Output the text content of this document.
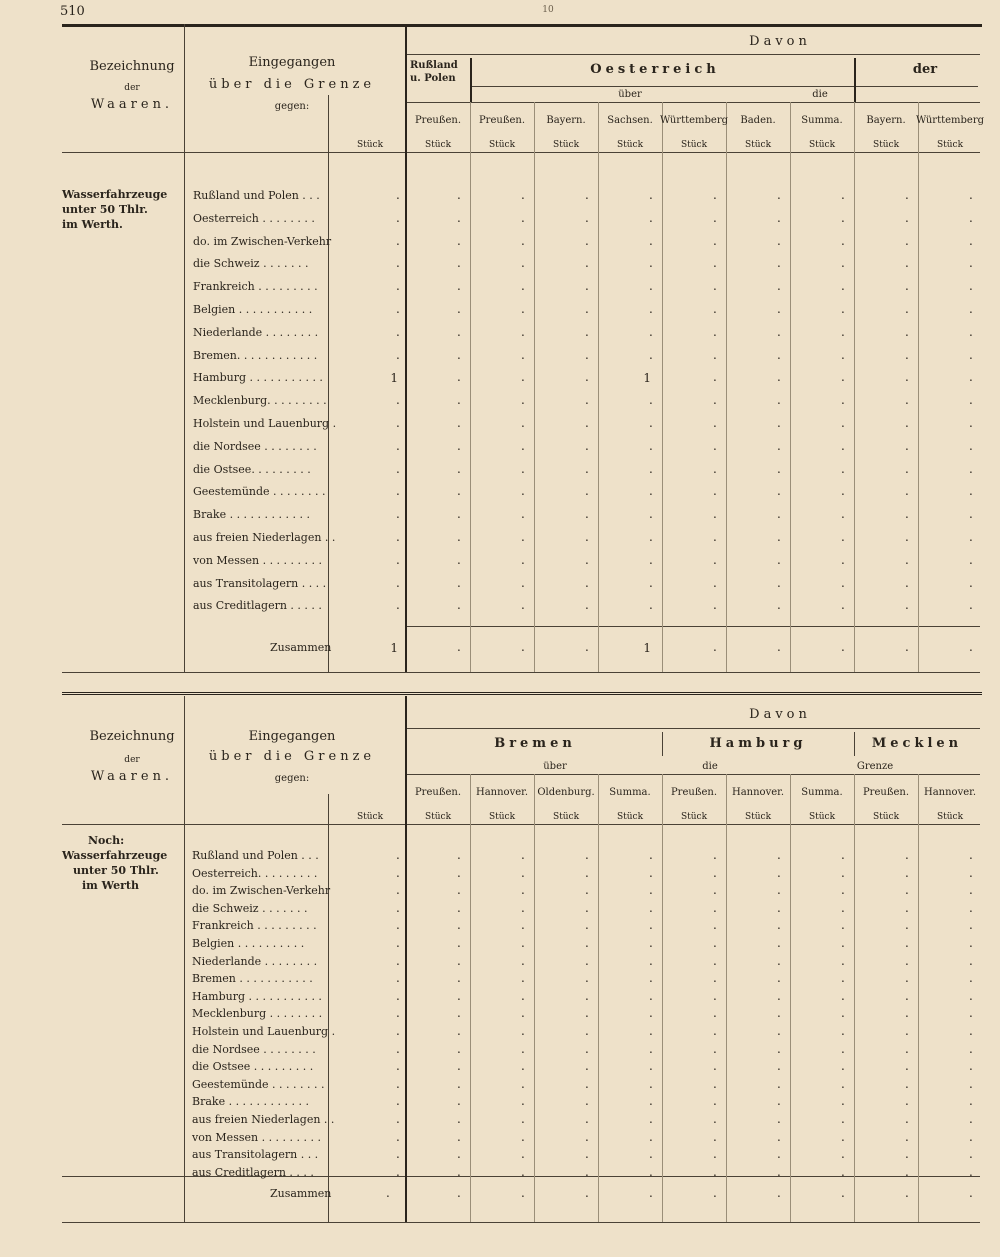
510	10
Bezeichnung
der
Waaren.
Eingegangen
über die Grenze
gegen:
Stück
Davon
Rußland
u. Polen
Oesterreich	der
über	die
Preußen.
Stück
Preußen.
Stück
Bayern.
Stück
Sachsen.
Stück
Württemberg
Stück
Baden.
Stück
Summa.
Stück
Bayern.
Stück
Württemberg
Stück
Rußland und Polen . . .	.	.	.	.	.	.	.	.	.	.
Oesterreich . . . . . . . .	.	.	.	.	.	.	.	.	.	.
do. im Zwischen-Verkehr	.	.	.	.	.	.	.	.	.	.
die Schweiz . . . . . . .	.	.	.	.	.	.	.	.	.	.
Frankreich . . . . . . . . .	.	.	.	.	.	.	.	.	.	.
Belgien . . . . . . . . . . .	.	.	.	.	.	.	.	.	.	.
Niederlande . . . . . . . .	.	.	.	.	.	.	.	.	.	.
Bremen. . . . . . . . . . . .	.	.	.	.	.	.	.	.	.	.
Hamburg . . . . . . . . . . .	1	.	.	.	1	.	.	.	.	.
Mecklenburg. . . . . . . . .	.	.	.	.	.	.	.	.	.	.
Holstein und Lauenburg .	.	.	.	.	.	.	.	.	.	.
die Nordsee . . . . . . . .	.	.	.	.	.	.	.	.	.	.
die Ostsee. . . . . . . . .	.	.	.	.	.	.	.	.	.	.
Geestemünde . . . . . . . .	.	.	.	.	.	.	.	.	.	.
Brake . . . . . . . . . . . .	.	.	.	.	.	.	.	.	.	.
aus freien Niederlagen . .	.	.	.	.	.	.	.	.	.	.
von Messen . . . . . . . . .	.	.	.	.	.	.	.	.	.	.
aus Transitolagern . . . .	.	.	.	.	.	.	.	.	.	.
aus Creditlagern . . . . .	.	.	.	.	.	.	.	.	.	.
Zusammen	1	.	.	.	1	.	.	.	.	.
Wasserfahrzeuge
unter 50 Thlr.
im Werth.
Bezeichnung
der
Waaren.
Eingegangen
über die Grenze
gegen:
Stück
Davon
Bremen	Hamburg	Mecklen
über	die	Grenze
Preußen.
Stück
Hannover.
Stück
Oldenburg.
Stück
Summa.
Stück
Preußen.
Stück
Hannover.
Stück
Summa.
Stück
Preußen.
Stück
Hannover.
Stück
Rußland und Polen . . .	.	.	.	.	.	.	.	.	.	.
Oesterreich. . . . . . . . .	.	.	.	.	.	.	.	.	.	.
do. im Zwischen-Verkehr	.	.	.	.	.	.	.	.	.	.
die Schweiz . . . . . . .	.	.	.	.	.	.	.	.	.	.
Frankreich . . . . . . . . .	.	.	.	.	.	.	.	.	.	.
Belgien . . . . . . . . . .	.	.	.	.	.	.	.	.	.	.
Niederlande . . . . . . . .	.	.	.	.	.	.	.	.	.	.
Bremen . . . . . . . . . . .	.	.	.	.	.	.	.	.	.	.
Hamburg . . . . . . . . . . .	.	.	.	.	.	.	.	.	.	.
Mecklenburg . . . . . . . .	.	.	.	.	.	.	.	.	.	.
Holstein und Lauenburg .	.	.	.	.	.	.	.	.	.	.
die Nordsee . . . . . . . .	.	.	.	.	.	.	.	.	.	.
die Ostsee . . . . . . . . .	.	.	.	.	.	.	.	.	.	.
Geestemünde . . . . . . . .	.	.	.	.	.	.	.	.	.	.
Brake . . . . . . . . . . . .	.	.	.	.	.	.	.	.	.	.
aus freien Niederlagen . .	.	.	.	.	.	.	.	.	.	.
von Messen . . . . . . . . .	.	.	.	.	.	.	.	.	.	.
aus Transitolagern . . .	.	.	.	.	.	.	.	.	.	.
aus Creditlagern . . . .	.	.	.	.	.	.	.	.	.	.
Zusammen	.	.	.	.	.	.	.	.	.	.
Noch:
Wasserfahrzeuge
unter 50 Thlr.
im Werth
